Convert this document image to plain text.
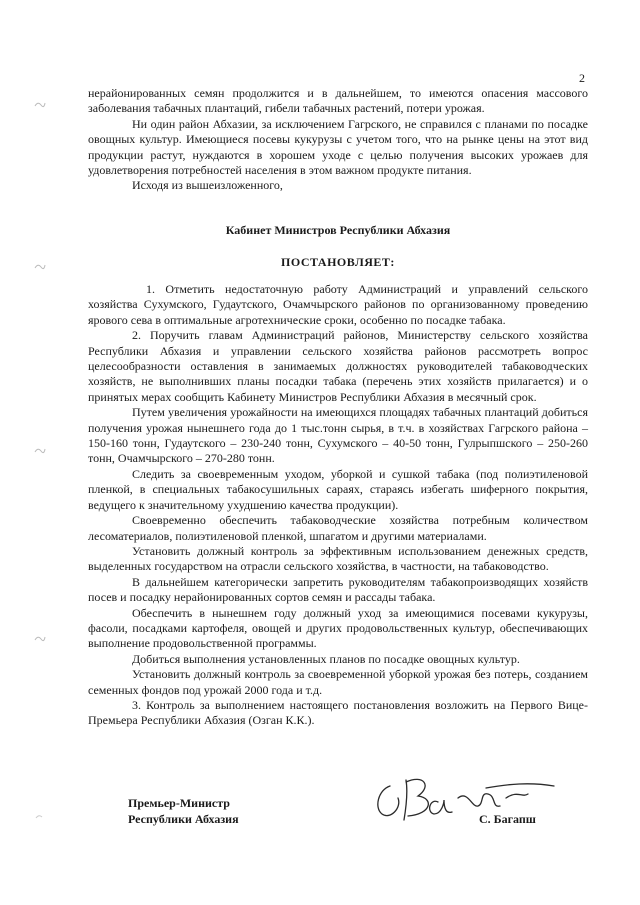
2

нерайонированных семян продолжится и в дальнейшем, то имеются опасения массового заболевания табачных плантаций, гибели табачных растений, потери урожая.

Ни один район Абхазии, за исключением Гагрского, не справился с планами по посадке овощных культур. Имеющиеся посевы кукурузы с учетом того, что на рынке цены на этот вид продукции растут, нуждаются в хорошем уходе с целью получения высоких урожаев для удовлетворения потребностей населения в этом важном продукте питания.

Исходя из вышеизложенного,

Кабинет Министров Республики Абхазия
ПОСТАНОВЛЯЕТ:

1. Отметить недостаточную работу Администраций и управлений сельского хозяйства Сухумского, Гудаутского, Очамчырского районов по организованному проведению ярового сева в оптимальные агротехнические сроки, особенно по посадке табака.

2. Поручить главам Администраций районов, Министерству сельского хозяйства Республики Абхазия и управлении сельского хозяйства районов рассмотреть вопрос целесообразности оставления в занимаемых должностях руководителей табаководческих хозяйств, не выполнивших планы посадки табака (перечень этих хозяйств прилагается) и о принятых мерах сообщить Кабинету Министров Республики Абхазия в месячный срок.

Путем увеличения урожайности на имеющихся площадях табачных плантаций добиться получения урожая нынешнего года до 1 тыс.тонн сырья, в т.ч. в хозяйствах Гагрского района – 150-160 тонн, Гудаутского – 230-240 тонн, Сухумского – 40-50 тонн, Гулрыпшского – 250-260 тонн, Очамчырского – 270-280 тонн.

Следить за своевременным уходом, уборкой и сушкой табака (под полиэтиленовой пленкой, в специальных табакосушильных сараях, стараясь избегать шиферного покрытия, ведущего к значительному ухудшению качества продукции).

Своевременно обеспечить табаководческие хозяйства потребным количеством лесоматериалов, полиэтиленовой пленкой, шпагатом и другими материалами.

Установить должный контроль за эффективным использованием денежных средств, выделенных государством на отрасли сельского хозяйства, в частности, на табаководство.

В дальнейшем категорически запретить руководителям табакопроизводящих хозяйств посев и посадку нерайонированных сортов семян и рассады табака.

Обеспечить в нынешнем году должный уход за имеющимися посевами кукурузы, фасоли, посадками картофеля, овощей и других продовольственных культур, обеспечивающих выполнение продовольственной программы.

Добиться выполнения установленных планов по посадке овощных культур.

Установить должный контроль за своевременной уборкой урожая без потерь, созданием семенных фондов под урожай 2000 года и т.д.

3. Контроль за выполнением настоящего постановления возложить на Первого Вице-Премьера Республики Абхазия (Озган К.К.).

Премьер-Министр
Республики Абхазия	С. Багапш
